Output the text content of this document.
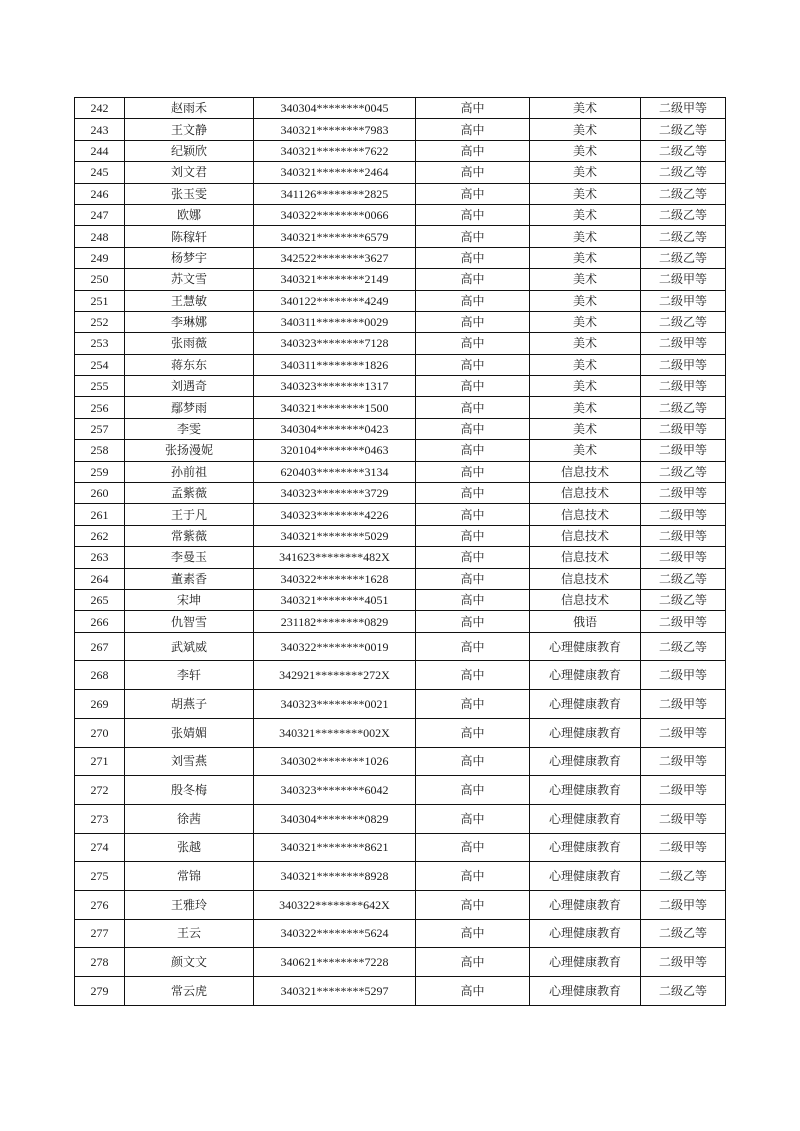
242	赵雨禾	340304********0045	高中	美术	二级甲等
243	王文静	340321********7983	高中	美术	二级乙等
244	纪颖欣	340321********7622	高中	美术	二级乙等
245	刘文君	340321********2464	高中	美术	二级乙等
246	张玉雯	341126********2825	高中	美术	二级乙等
247	欧娜	340322********0066	高中	美术	二级乙等
248	陈稼轩	340321********6579	高中	美术	二级乙等
249	杨梦宇	342522********3627	高中	美术	二级乙等
250	苏文雪	340321********2149	高中	美术	二级甲等
251	王慧敏	340122********4249	高中	美术	二级甲等
252	李琳娜	340311********0029	高中	美术	二级乙等
253	张雨薇	340323********7128	高中	美术	二级甲等
254	蒋东东	340311********1826	高中	美术	二级甲等
255	刘遇奇	340323********1317	高中	美术	二级甲等
256	鄢梦雨	340321********1500	高中	美术	二级乙等
257	李雯	340304********0423	高中	美术	二级甲等
258	张扬漫妮	320104********0463	高中	美术	二级甲等
259	孙前祖	620403********3134	高中	信息技术	二级乙等
260	孟紫薇	340323********3729	高中	信息技术	二级甲等
261	王于凡	340323********4226	高中	信息技术	二级甲等
262	常紫薇	340321********5029	高中	信息技术	二级甲等
263	李曼玉	341623********482X	高中	信息技术	二级甲等
264	董素香	340322********1628	高中	信息技术	二级乙等
265	宋坤	340321********4051	高中	信息技术	二级乙等
266	仇智雪	231182********0829	高中	俄语	二级甲等
267	武斌威	340322********0019	高中	心理健康教育	二级乙等
268	李轩	342921********272X	高中	心理健康教育	二级甲等
269	胡燕子	340323********0021	高中	心理健康教育	二级甲等
270	张婧媚	340321********002X	高中	心理健康教育	二级甲等
271	刘雪燕	340302********1026	高中	心理健康教育	二级甲等
272	殷冬梅	340323********6042	高中	心理健康教育	二级甲等
273	徐茜	340304********0829	高中	心理健康教育	二级甲等
274	张越	340321********8621	高中	心理健康教育	二级甲等
275	常锦	340321********8928	高中	心理健康教育	二级乙等
276	王雅玲	340322********642X	高中	心理健康教育	二级甲等
277	王云	340322********5624	高中	心理健康教育	二级乙等
278	颜文文	340621********7228	高中	心理健康教育	二级甲等
279	常云虎	340321********5297	高中	心理健康教育	二级乙等
